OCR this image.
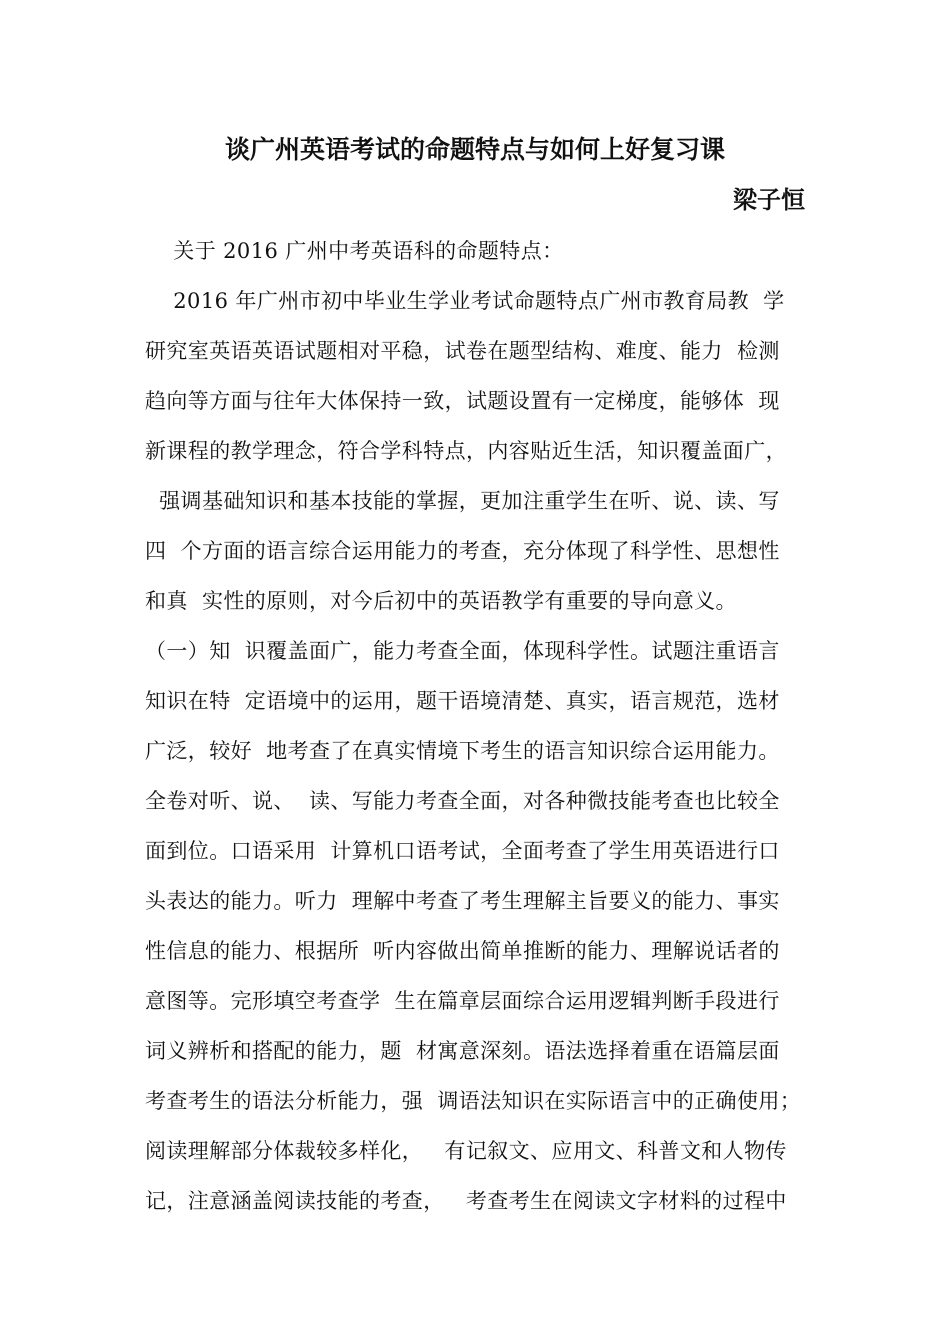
谈广州英语考试的命题特点与如何上好复习课

梁子恒

关于 2016 广州中考英语科的命题特点：

2016 年广州市初中毕业生学业考试命题特点广州市教育局教  学

研究室英语英语试题相对平稳，试卷在题型结构、难度、能力  检测

趋向等方面与往年大体保持一致，试题设置有一定梯度，能够体  现

新课程的教学理念，符合学科特点，内容贴近生活，知识覆盖面广，

强调基础知识和基本技能的掌握，更加注重学生在听、说、读、写

四  个方面的语言综合运用能力的考查，充分体现了科学性、思想性

和真  实性的原则，对今后初中的英语教学有重要的导向意义。

（一）知  识覆盖面广，能力考查全面，体现科学性。试题注重语言

知识在特  定语境中的运用，题干语境清楚、真实，语言规范，选材

广泛，较好  地考查了在真实情境下考生的语言知识综合运用能力。

全卷对听、说、  读、写能力考查全面，对各种微技能考查也比较全

面到位。口语采用  计算机口语考试，全面考查了学生用英语进行口

头表达的能力。听力  理解中考查了考生理解主旨要义的能力、事实

性信息的能力、根据所  听内容做出简单推断的能力、理解说话者的

意图等。完形填空考查学  生在篇章层面综合运用逻辑判断手段进行

词义辨析和搭配的能力，题  材寓意深刻。语法选择着重在语篇层面

考查考生的语法分析能力，强  调语法知识在实际语言中的正确使用；

阅读理解部分体裁较多样化，   有记叙文、应用文、科普文和人物传

记，注意涵盖阅读技能的考查，   考查考生在阅读文字材料的过程中
